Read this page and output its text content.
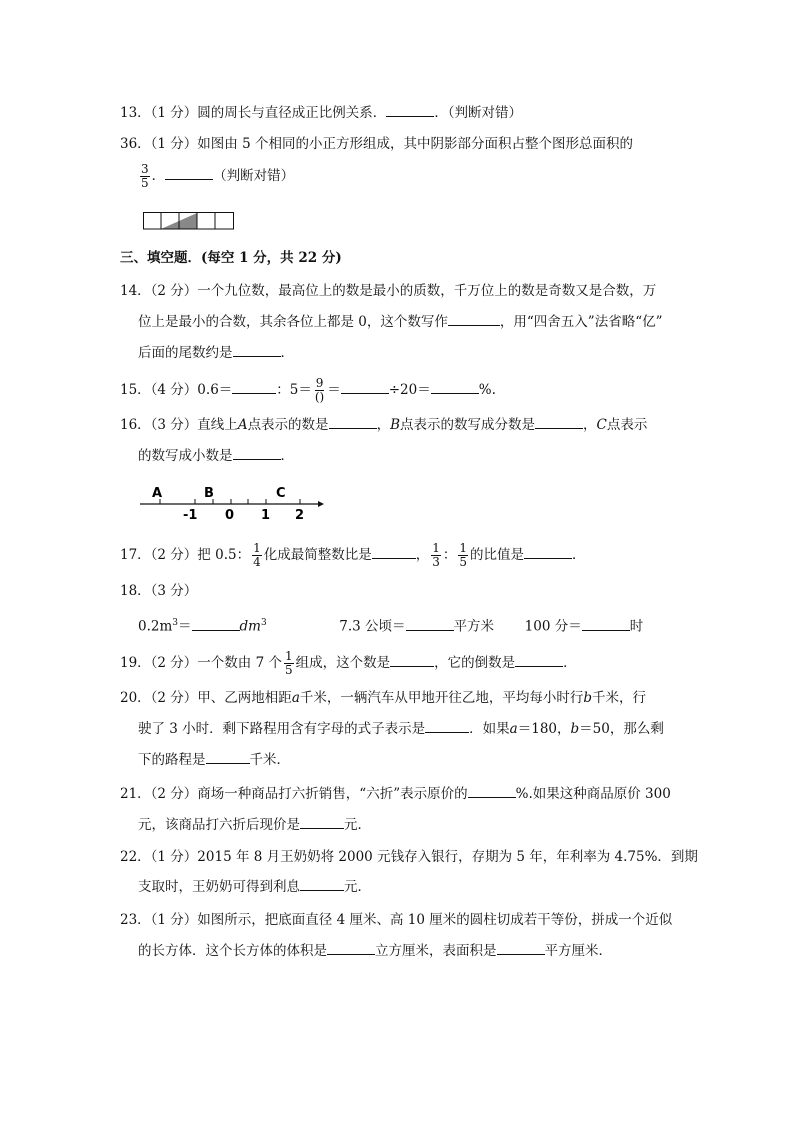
13．（1 分）圆的周长与直径成正比例关系．	．（判断对错）
36．（1 分）如图由 5 个相同的小正方形组成，其中阴影部分面积占整个图形总面积的
$\frac{3}{5}$ ．	（判断对错）
三、填空题．(每空 1 分，共 22 分)
14．（2 分）一个九位数，最高位上的数是最小的质数，千万位上的数是奇数又是合数，万
位上是最小的合数，其余各位上都是 0，这个数写作	，用“四舍五入”法省略“亿”
后面的尾数约是	．
15．（4 分）0.6＝	：$5= \frac{9}{()}$ ＝	÷20＝	%.
16．（3 分）直线上A点表示的数是	，B点表示的数写成分数是	，C点表示
的数写成小数是	．
A	B	C
-1 0 1 2
17．（2 分）把 0.5： $\frac{1}{4}$ 化成最简整数比是	， $\frac{1}{3}$ ： $\frac{1}{5}$ 的比值是	．
18．（3 分）
$0.2m^3=$	$dm^3$	7.3 公顷＝	平方米 100 分＝	时
19．（2 分）一个数由 7 个 $\frac{1}{5}$ 组成，这个数是	，它的倒数是	．
20．（2 分）甲、乙两地相距a千米，一辆汽车从甲地开往乙地，平均每小时行b千米，行
驶了 3 小时．剩下路程用含有字母的式子表示是	．如果a＝180，b＝50，那么剩
下的路程是	千米．
21．（2 分）商场一种商品打六折销售，“六折”表示原价的	%.如果这种商品原价 300
元，该商品打六折后现价是	元．
22．（1 分）2015 年 8 月王奶奶将 2000 元钱存入银行，存期为 5 年，年利率为 4.75%．到期
支取时，王奶奶可得到利息	元．
23．（1 分）如图所示，把底面直径 4 厘米、高 10 厘米的圆柱切成若干等份，拼成一个近似
的长方体．这个长方体的体积是	立方厘米，表面积是	平方厘米．
